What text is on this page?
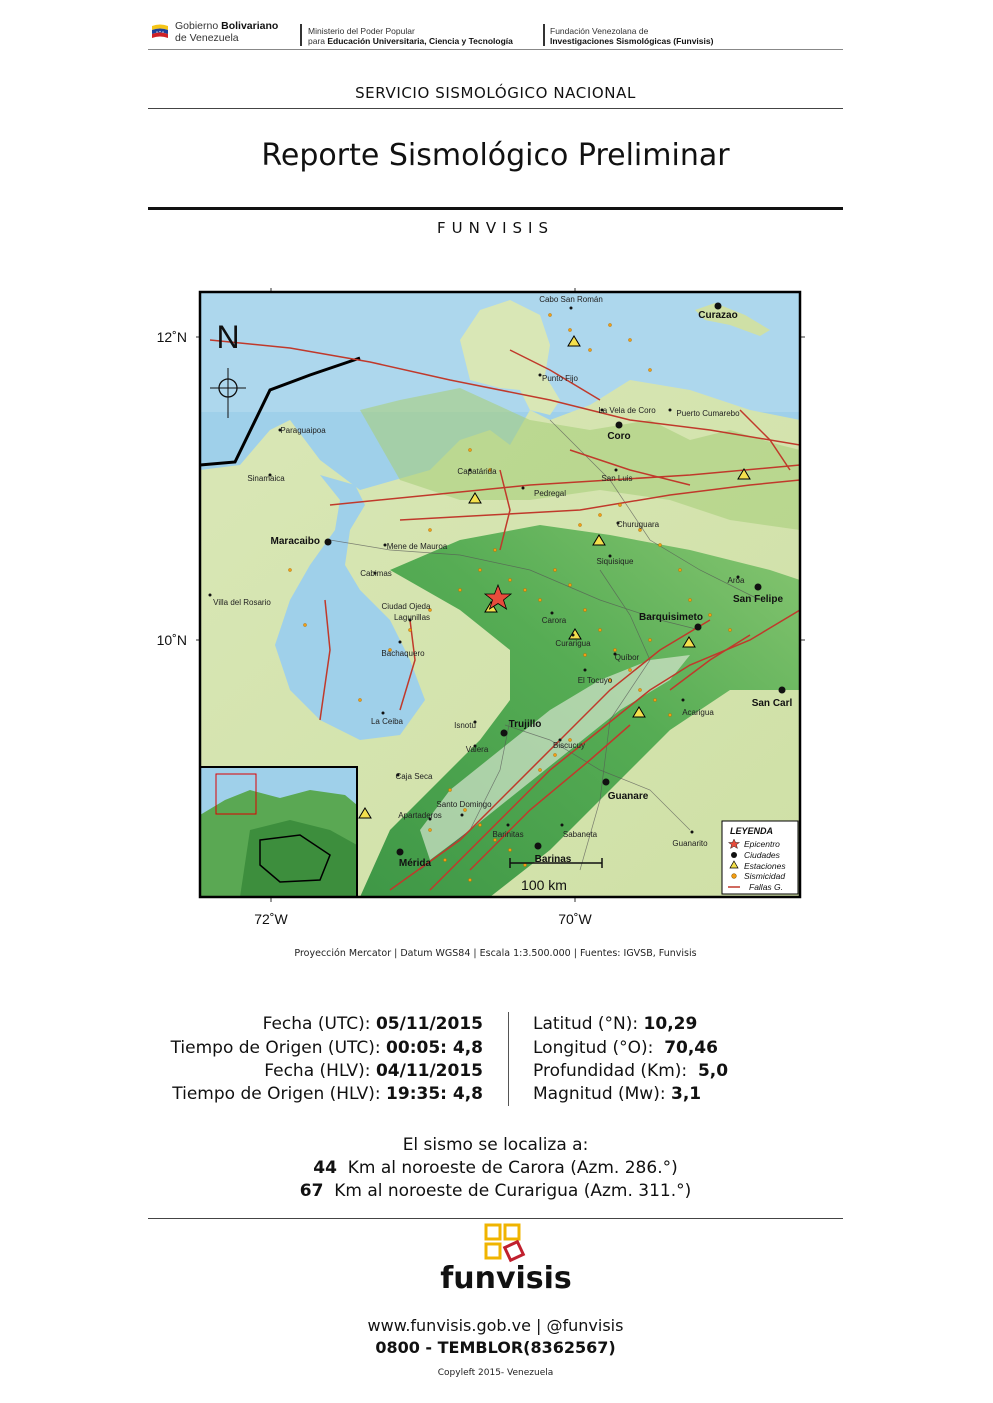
Gobierno Bolivariano
de Venezuela
Ministerio del Poder Popular
para Educación Universitaria, Ciencia y Tecnología
Fundación Venezolana de
Investigaciones Sismológicas (Funvisis)
SERVICIO SISMOLÓGICO NACIONAL
Reporte Sismológico Preliminar
FUNVISIS
Curazao
Coro
Maracaibo
San Felipe
Barquisimeto
San Carl
Trujillo
Guanare
Barinas
Mérida
Cabo San Román
Punto Fijo
La Vela de Coro	Puerto Cumarebo
Paraguaipoa
Sinamaica
Capatárida
Pedregal
San Luis
Churuguara
Mene de Mauroa
Siquisique
Cabimas
Aroa
Villa del Rosario	Ciudad Ojeda
Lagunillas	Carora
Bachaquero
Curarigua
Quíbor
El Tocuyo
La Ceiba
Acarigua
Isnotú
Valera	Biscucuy
Caja Seca
Santo Domingo
Apartaderos
Barinitas	Sabaneta
Guanarito
N
100 km
LEYENDA
Epicentro
Ciudades
Estaciones
Sismicidad
Fallas G.
12˚N
10˚N
72˚W	70˚W
Proyección Mercator | Datum WGS84 | Escala 1:3.500.000 | Fuentes: IGVSB, Funvisis
Fecha (UTC): 05/11/2015
Tiempo de Origen (UTC): 00:05: 4,8
Fecha (HLV): 04/11/2015
Tiempo de Origen (HLV): 19:35: 4,8
Latitud (°N): 10,29
Longitud (°O):  70,46
Profundidad (Km):  5,0
Magnitud (Mw): 3,1
El sismo se localiza a:
44  Km al noroeste de Carora (Azm. 286.°)
67  Km al noroeste de Curarigua (Azm. 311.°)
funvisis
www.funvisis.gob.ve | @funvisis
0800 - TEMBLOR(8362567)
Copyleft 2015- Venezuela
